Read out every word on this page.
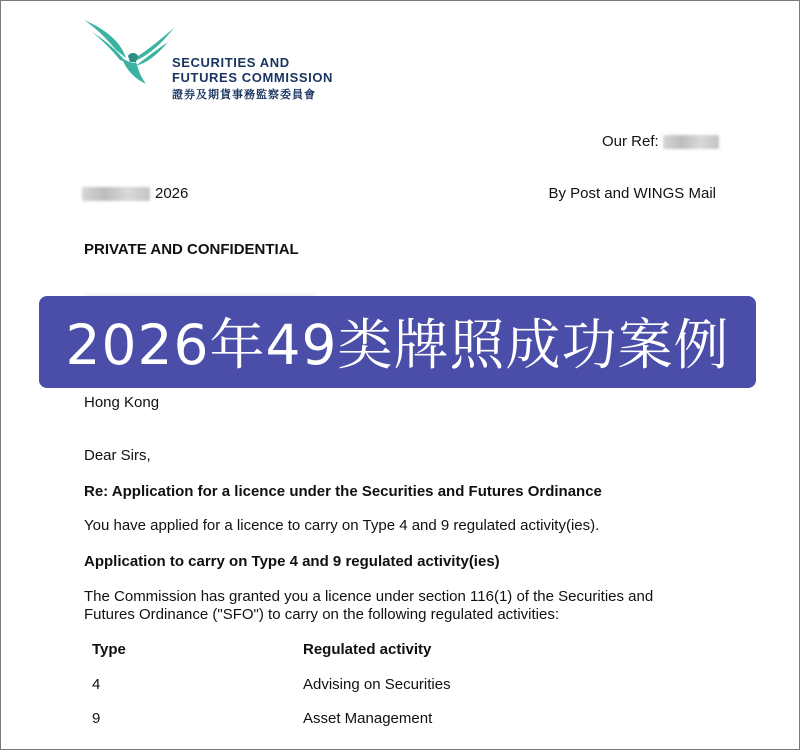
SECURITIES AND
FUTURES COMMISSION
證券及期貨事務監察委員會
Our Ref:
2026	By Post and WINGS Mail
PRIVATE AND CONFIDENTIAL
Hong Kong
Dear Sirs,
Re: Application for a licence under the Securities and Futures Ordinance
You have applied for a licence to carry on Type 4 and 9 regulated activity(ies).
Application to carry on Type 4 and 9 regulated activity(ies)
The Commission has granted you a licence under section 116(1) of the Securities and
Futures Ordinance ("SFO") to carry on the following regulated activities:
Type	Regulated activity
4	Advising on Securities
9	Asset Management
2026年49类牌照成功案例
